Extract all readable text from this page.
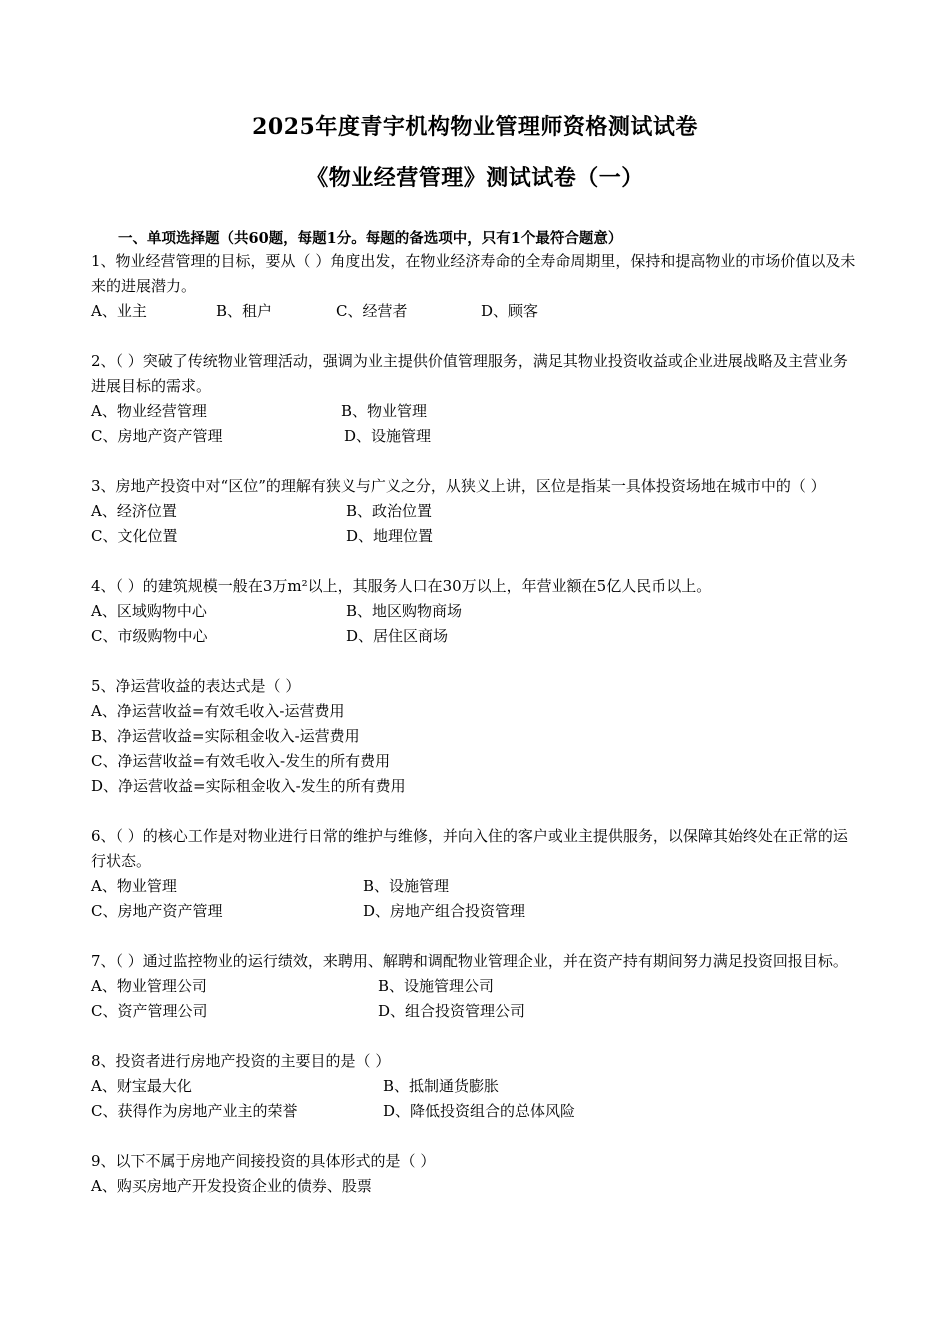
2025年度青宇机构物业管理师资格测试试卷
《物业经营管理》测试试卷（一）
一、单项选择题（共60题，每题1分。每题的备选项中，只有1个最符合题意）
1、物业经营管理的目标，要从（ ）角度出发，在物业经济寿命的全寿命周期里，保持和提高物业的市场价值以及未来的进展潜力。
A、业主	B、租户	C、经营者	D、顾客
2、（ ）突破了传统物业管理活动，强调为业主提供价值管理服务，满足其物业投资收益或企业进展战略及主营业务进展目标的需求。
A、物业经营管理	B、物业管理
C、房地产资产管理	D、设施管理
3、房地产投资中对“区位”的理解有狭义与广义之分，从狭义上讲，区位是指某一具体投资场地在城市中的（ ）
A、经济位置	B、政治位置
C、文化位置	D、地理位置
4、（ ）的建筑规模一般在3万m²以上，其服务人口在30万以上，年营业额在5亿人民币以上。
A、区域购物中心	B、地区购物商场
C、市级购物中心	D、居住区商场
5、净运营收益的表达式是（ ）
A、净运营收益=有效毛收入-运营费用
B、净运营收益=实际租金收入-运营费用
C、净运营收益=有效毛收入-发生的所有费用
D、净运营收益=实际租金收入-发生的所有费用
6、（ ）的核心工作是对物业进行日常的维护与维修，并向入住的客户或业主提供服务，以保障其始终处在正常的运行状态。
A、物业管理	B、设施管理
C、房地产资产管理	D、房地产组合投资管理
7、（ ）通过监控物业的运行绩效，来聘用、解聘和调配物业管理企业，并在资产持有期间努力满足投资回报目标。
A、物业管理公司	B、设施管理公司
C、资产管理公司	D、组合投资管理公司
8、投资者进行房地产投资的主要目的是（ ）
A、财宝最大化	B、抵制通货膨胀
C、获得作为房地产业主的荣誉	D、降低投资组合的总体风险
9、以下不属于房地产间接投资的具体形式的是（ ）
A、购买房地产开发投资企业的债券、股票
